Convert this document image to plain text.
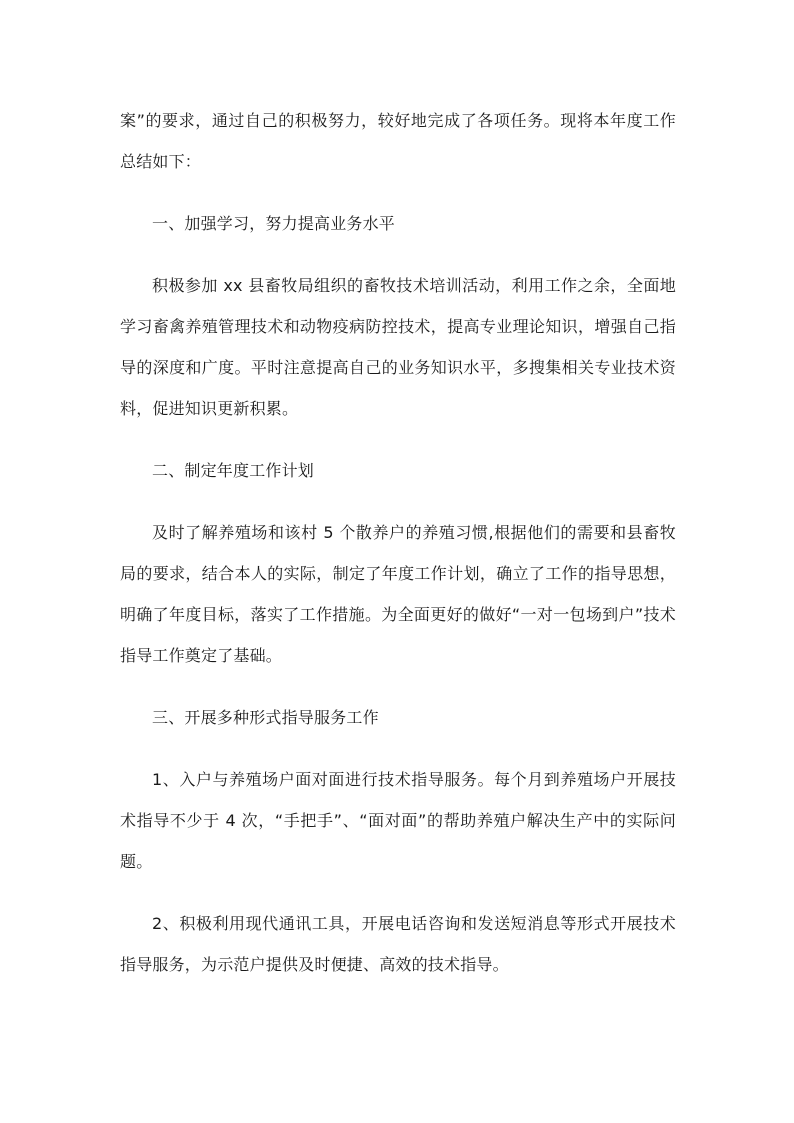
案”的要求，通过自己的积极努力，较好地完成了各项任务。现将本年度工作总结如下：

一、加强学习，努力提高业务水平

积极参加 xx 县畜牧局组织的畜牧技术培训活动，利用工作之余，全面地学习畜禽养殖管理技术和动物疫病防控技术，提高专业理论知识，增强自己指导的深度和广度。平时注意提高自己的业务知识水平，多搜集相关专业技术资料，促进知识更新积累。

二、制定年度工作计划

及时了解养殖场和该村 5 个散养户的养殖习惯,根据他们的需要和县畜牧局的要求，结合本人的实际，制定了年度工作计划，确立了工作的指导思想，明确了年度目标，落实了工作措施。为全面更好的做好“一对一包场到户”技术指导工作奠定了基础。

三、开展多种形式指导服务工作

1、入户与养殖场户面对面进行技术指导服务。每个月到养殖场户开展技术指导不少于 4 次，“手把手”、“面对面”的帮助养殖户解决生产中的实际问题。

2、积极利用现代通讯工具，开展电话咨询和发送短消息等形式开展技术指导服务，为示范户提供及时便捷、高效的技术指导。
